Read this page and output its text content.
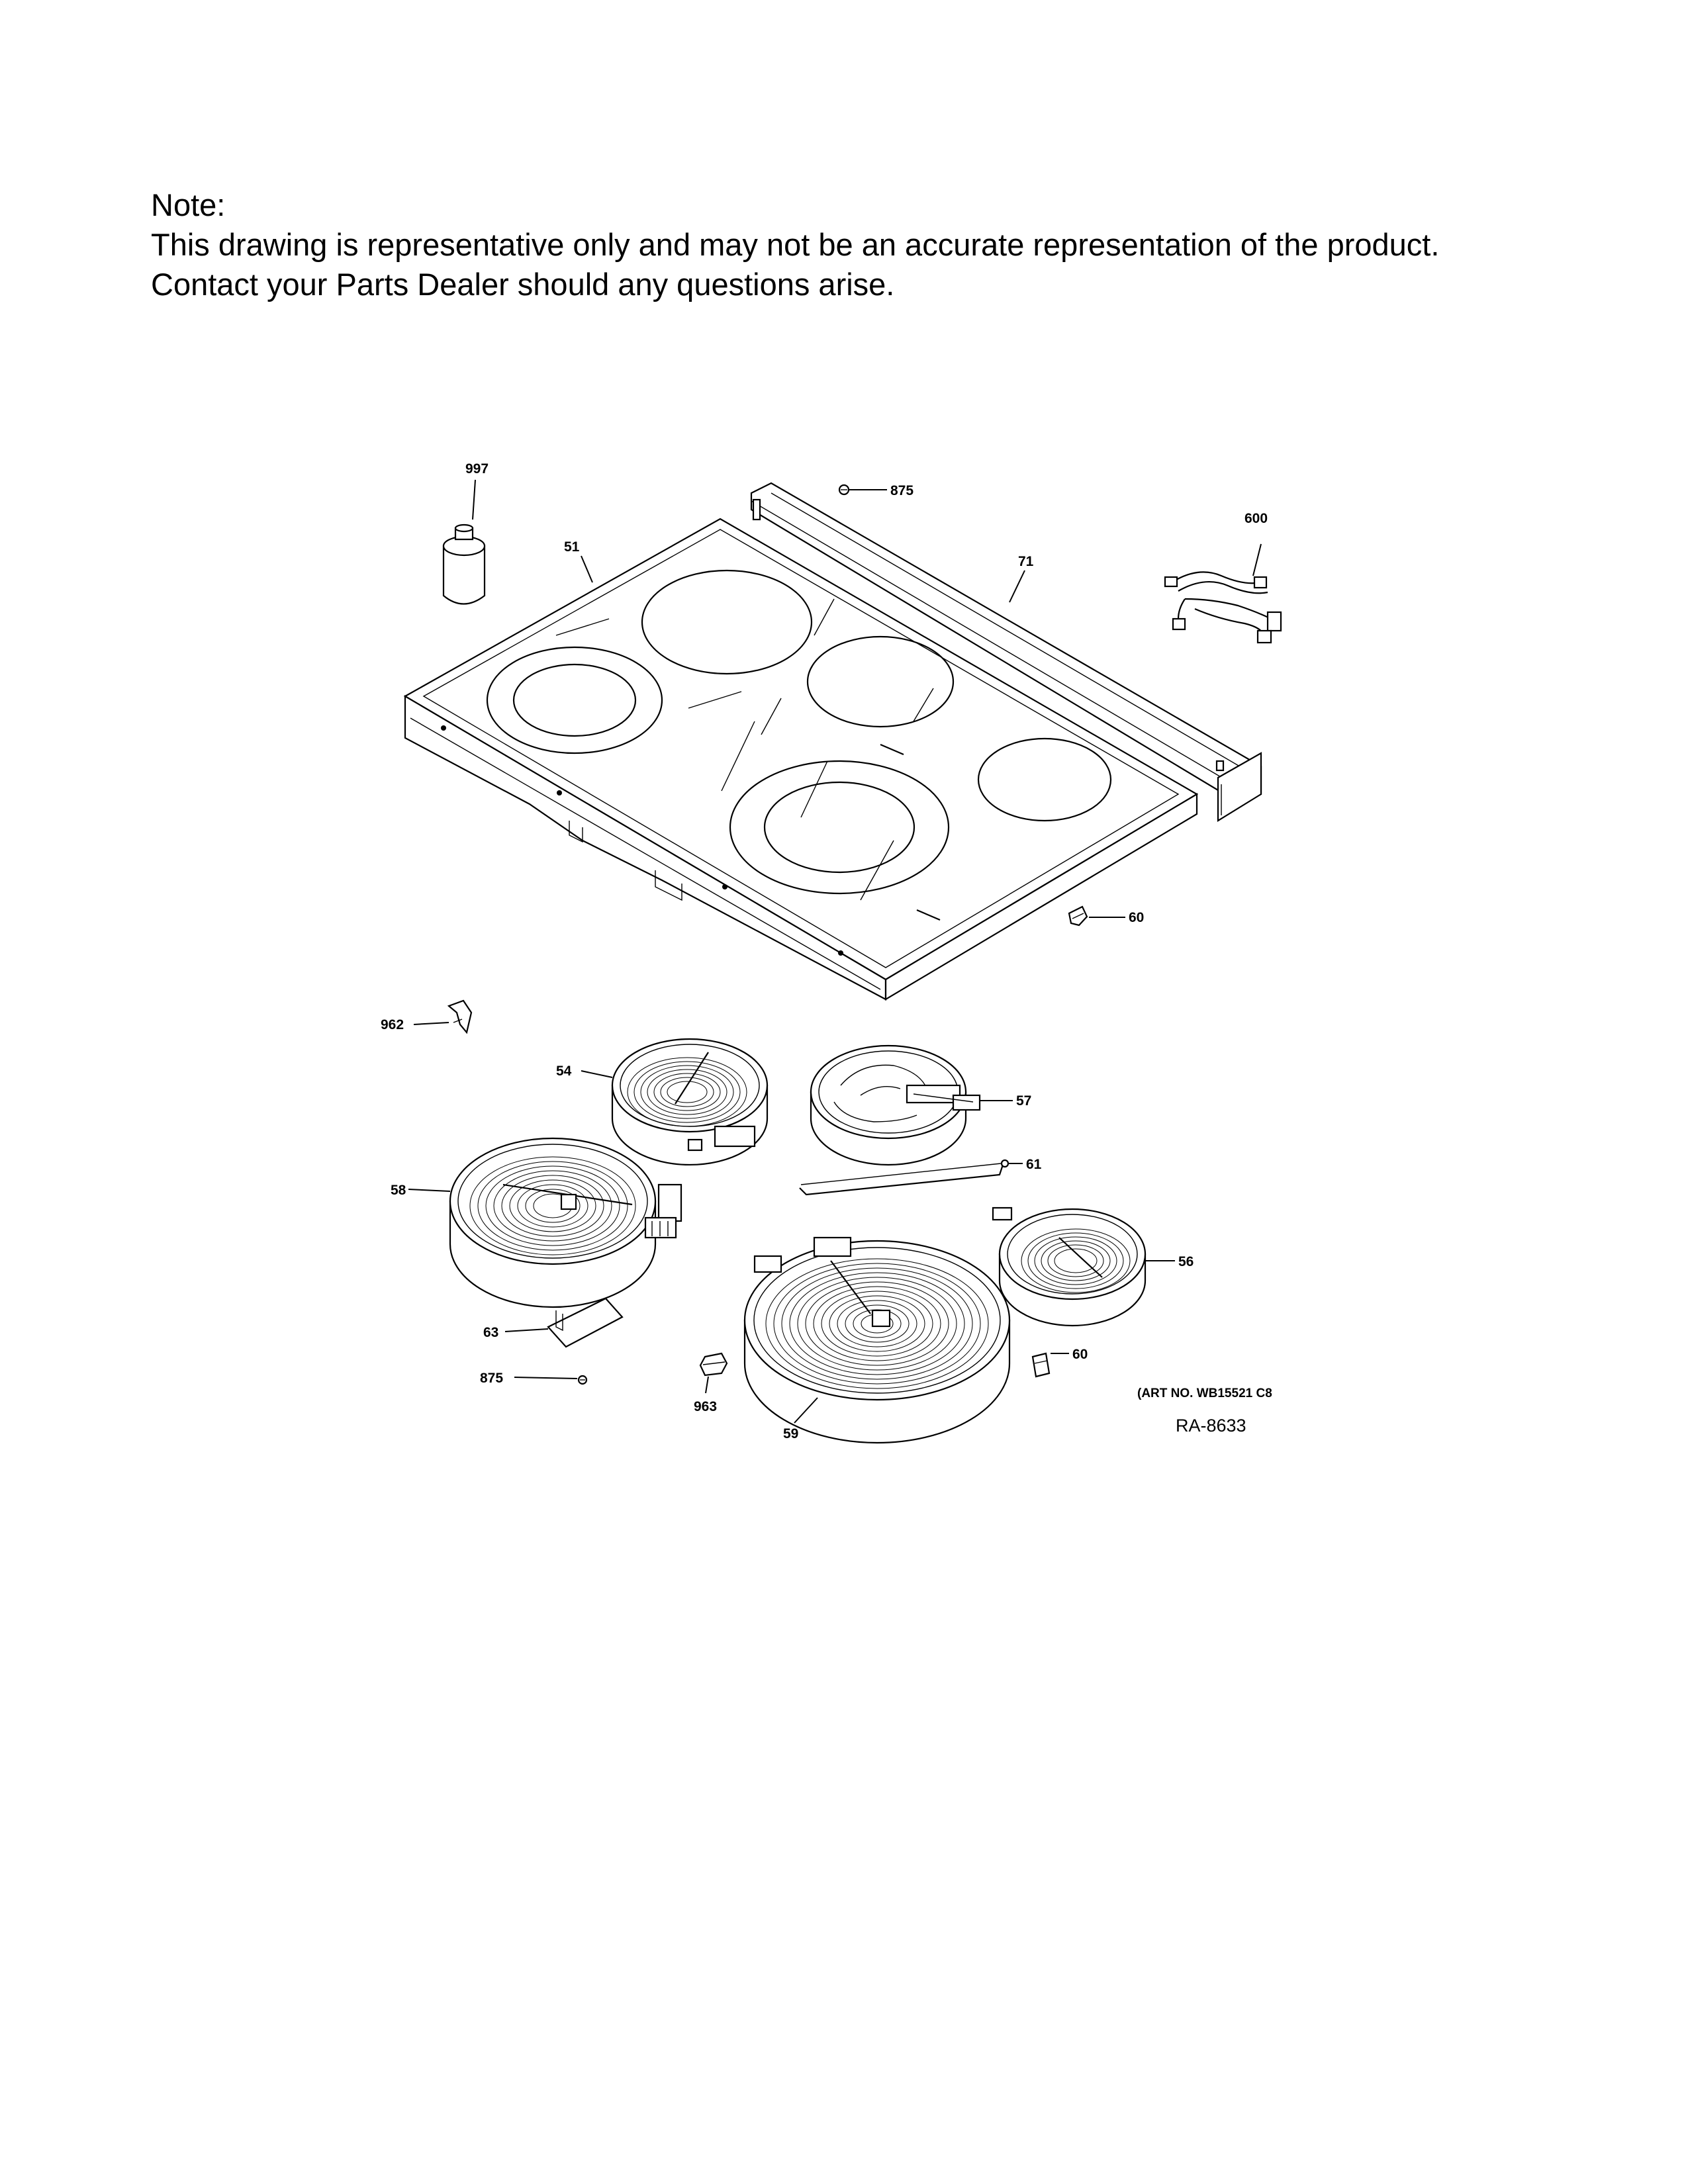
Note:
This drawing is representative only and may not be an accurate representation of the product.
Contact your Parts Dealer should any questions arise.
997
875
600
51
71
60
962
54
57
58
61
56
63
875
60
963
59
(ART NO. WB15521 C8
RA-8633
